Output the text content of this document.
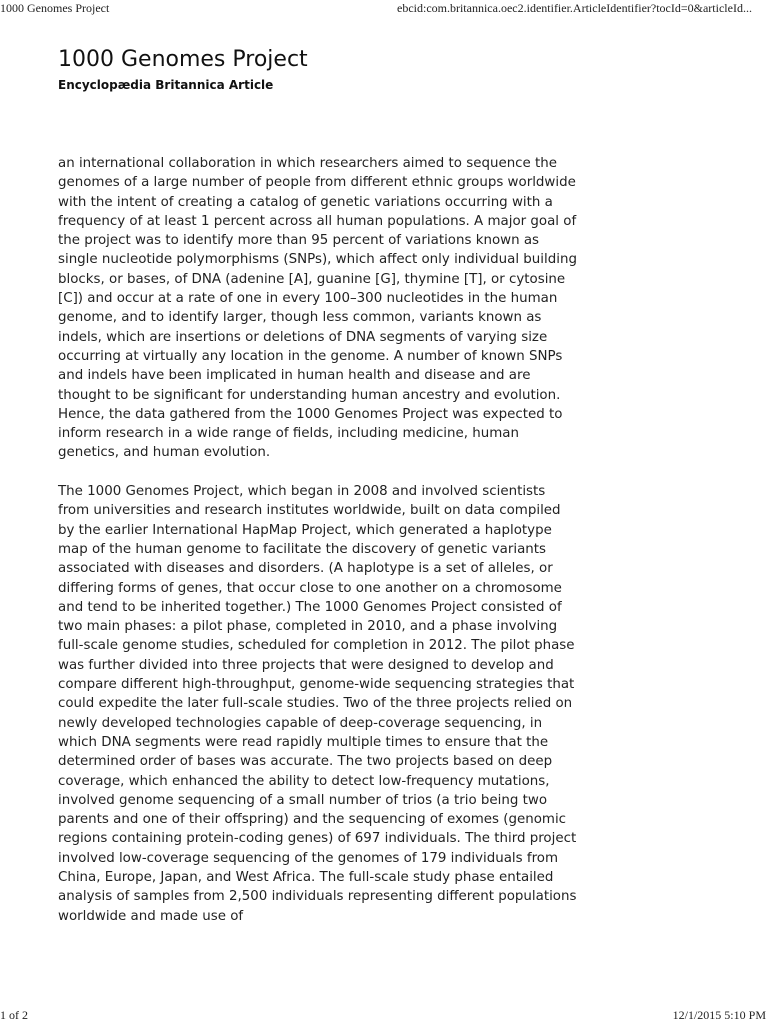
1000 Genomes Project	ebcid:com.britannica.oec2.identifier.ArticleIdentifier?tocId=0&articleId...
1000 Genomes Project
Encyclopædia Britannica Article

an international collaboration in which researchers aimed to sequence the genomes of a large number of people from different ethnic groups worldwide with the intent of creating a catalog of genetic variations occurring with a frequency of at least 1 percent across all human populations. A major goal of the project was to identify more than 95 percent of variations known as single nucleotide polymorphisms (SNPs), which affect only individual building blocks, or bases, of DNA (adenine [A], guanine [G], thymine [T], or cytosine [C]) and occur at a rate of one in every 100–300 nucleotides in the human genome, and to identify larger, though less common, variants known as indels, which are insertions or deletions of DNA segments of varying size occurring at virtually any location in the genome. A number of known SNPs and indels have been implicated in human health and disease and are thought to be significant for understanding human ancestry and evolution. Hence, the data gathered from the 1000 Genomes Project was expected to inform research in a wide range of fields, including medicine, human genetics, and human evolution.

The 1000 Genomes Project, which began in 2008 and involved scientists from universities and research institutes worldwide, built on data compiled by the earlier International HapMap Project, which generated a haplotype map of the human genome to facilitate the discovery of genetic variants associated with diseases and disorders. (A haplotype is a set of alleles, or differing forms of genes, that occur close to one another on a chromosome and tend to be inherited together.) The 1000 Genomes Project consisted of two main phases: a pilot phase, completed in 2010, and a phase involving full-scale genome studies, scheduled for completion in 2012. The pilot phase was further divided into three projects that were designed to develop and compare different high-throughput, genome-wide sequencing strategies that could expedite the later full-scale studies. Two of the three projects relied on newly developed technologies capable of deep-coverage sequencing, in which DNA segments were read rapidly multiple times to ensure that the determined order of bases was accurate. The two projects based on deep coverage, which enhanced the ability to detect low-frequency mutations, involved genome sequencing of a small number of trios (a trio being two parents and one of their offspring) and the sequencing of exomes (genomic regions containing protein-coding genes) of 697 individuals. The third project involved low-coverage sequencing of the genomes of 179 individuals from China, Europe, Japan, and West Africa. The full-scale study phase entailed analysis of samples from 2,500 individuals representing different populations worldwide and made use of

1 of 2	12/1/2015 5:10 PM
